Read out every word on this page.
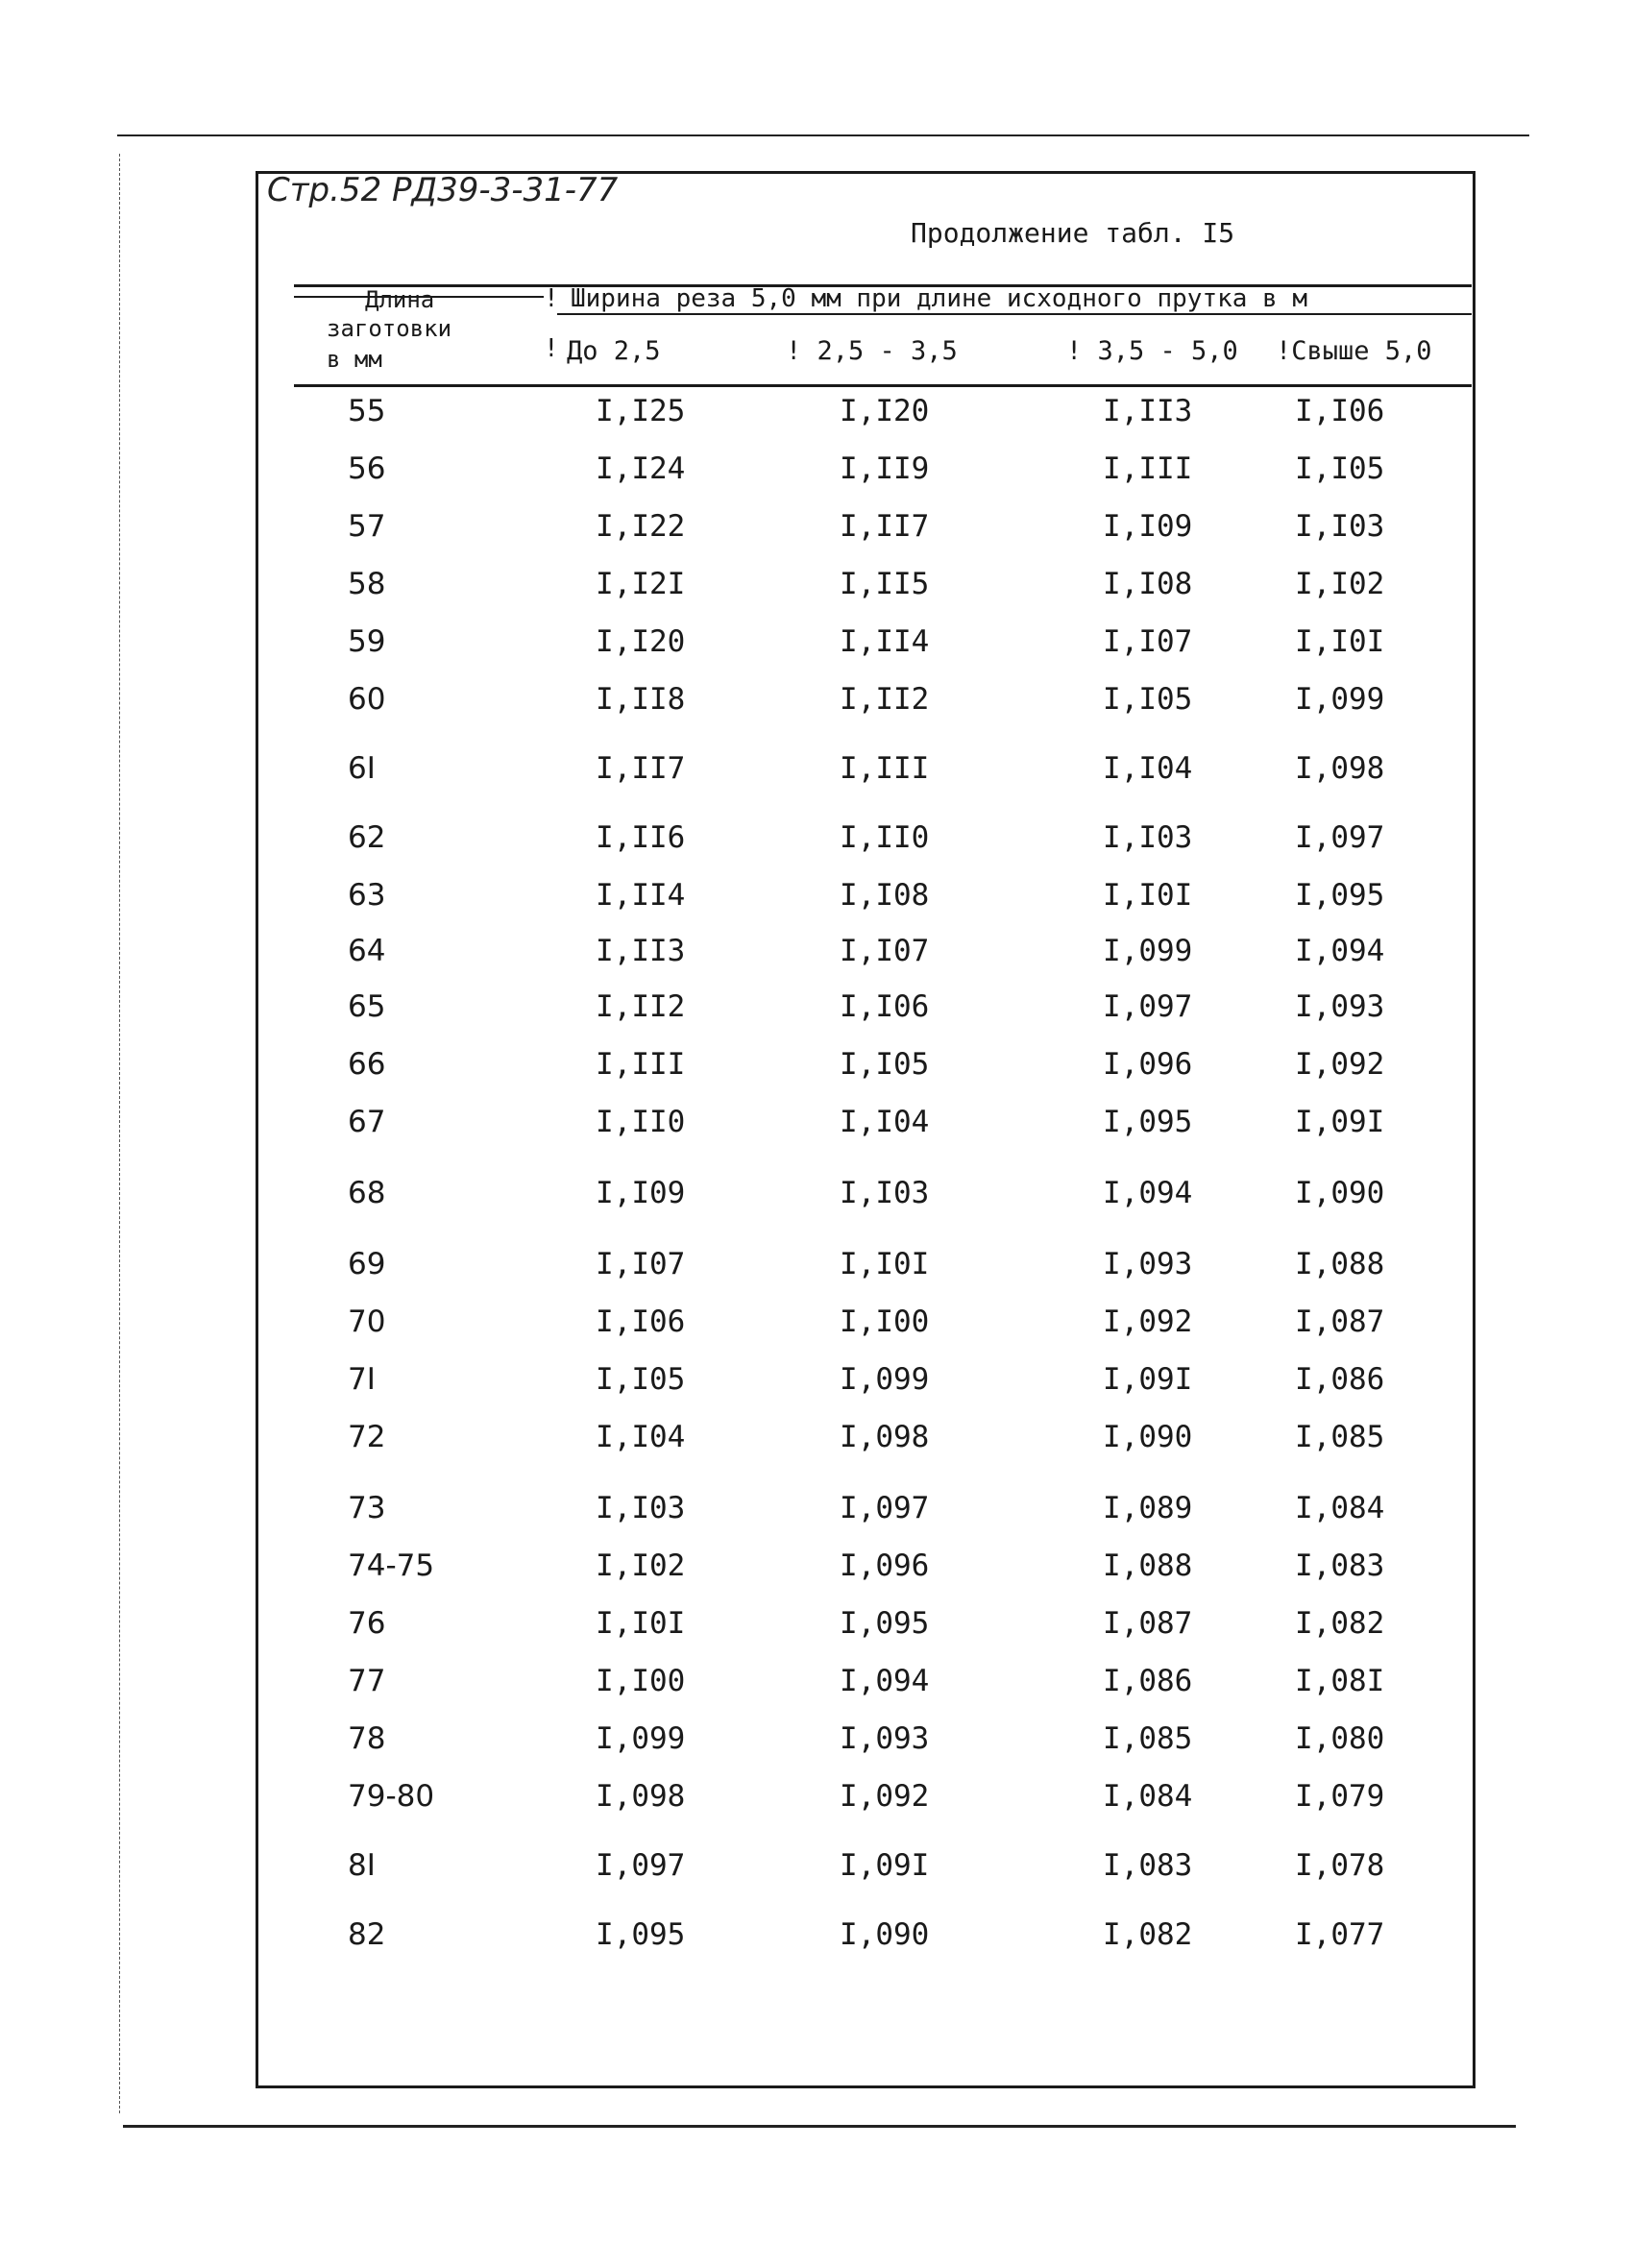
Стр.52 РД39-3-31-77
Продолжение табл. I5
Длина
заготовки
в мм
!
!
Ширина реза 5,0 мм при длине исходного прутка в м
До 2,5	! 2,5 - 3,5	! 3,5 - 5,0 !Свыше 5,0
55	I,I25	I,I20	I,II3	I,I06
56	I,I24	I,II9	I,III	I,I05
57	I,I22	I,II7	I,I09	I,I03
58	I,I2I	I,II5	I,I08	I,I02
59	I,I20	I,II4	I,I07	I,I0I
60	I,II8	I,II2	I,I05	I,099
6I	I,II7	I,III	I,I04	I,098
62	I,II6	I,II0	I,I03	I,097
63	I,II4	I,I08	I,I0I	I,095
64	I,II3	I,I07	I,099	I,094
65	I,II2	I,I06	I,097	I,093
66	I,III	I,I05	I,096	I,092
67	I,II0	I,I04	I,095	I,09I
68	I,I09	I,I03	I,094	I,090
69	I,I07	I,I0I	I,093	I,088
70	I,I06	I,I00	I,092	I,087
7I	I,I05	I,099	I,09I	I,086
72	I,I04	I,098	I,090	I,085
73	I,I03	I,097	I,089	I,084
74-75	I,I02	I,096	I,088	I,083
76	I,I0I	I,095	I,087	I,082
77	I,I00	I,094	I,086	I,08I
78	I,099	I,093	I,085	I,080
79-80	I,098	I,092	I,084	I,079
8I	I,097	I,09I	I,083	I,078
82	I,095	I,090	I,082	I,077
